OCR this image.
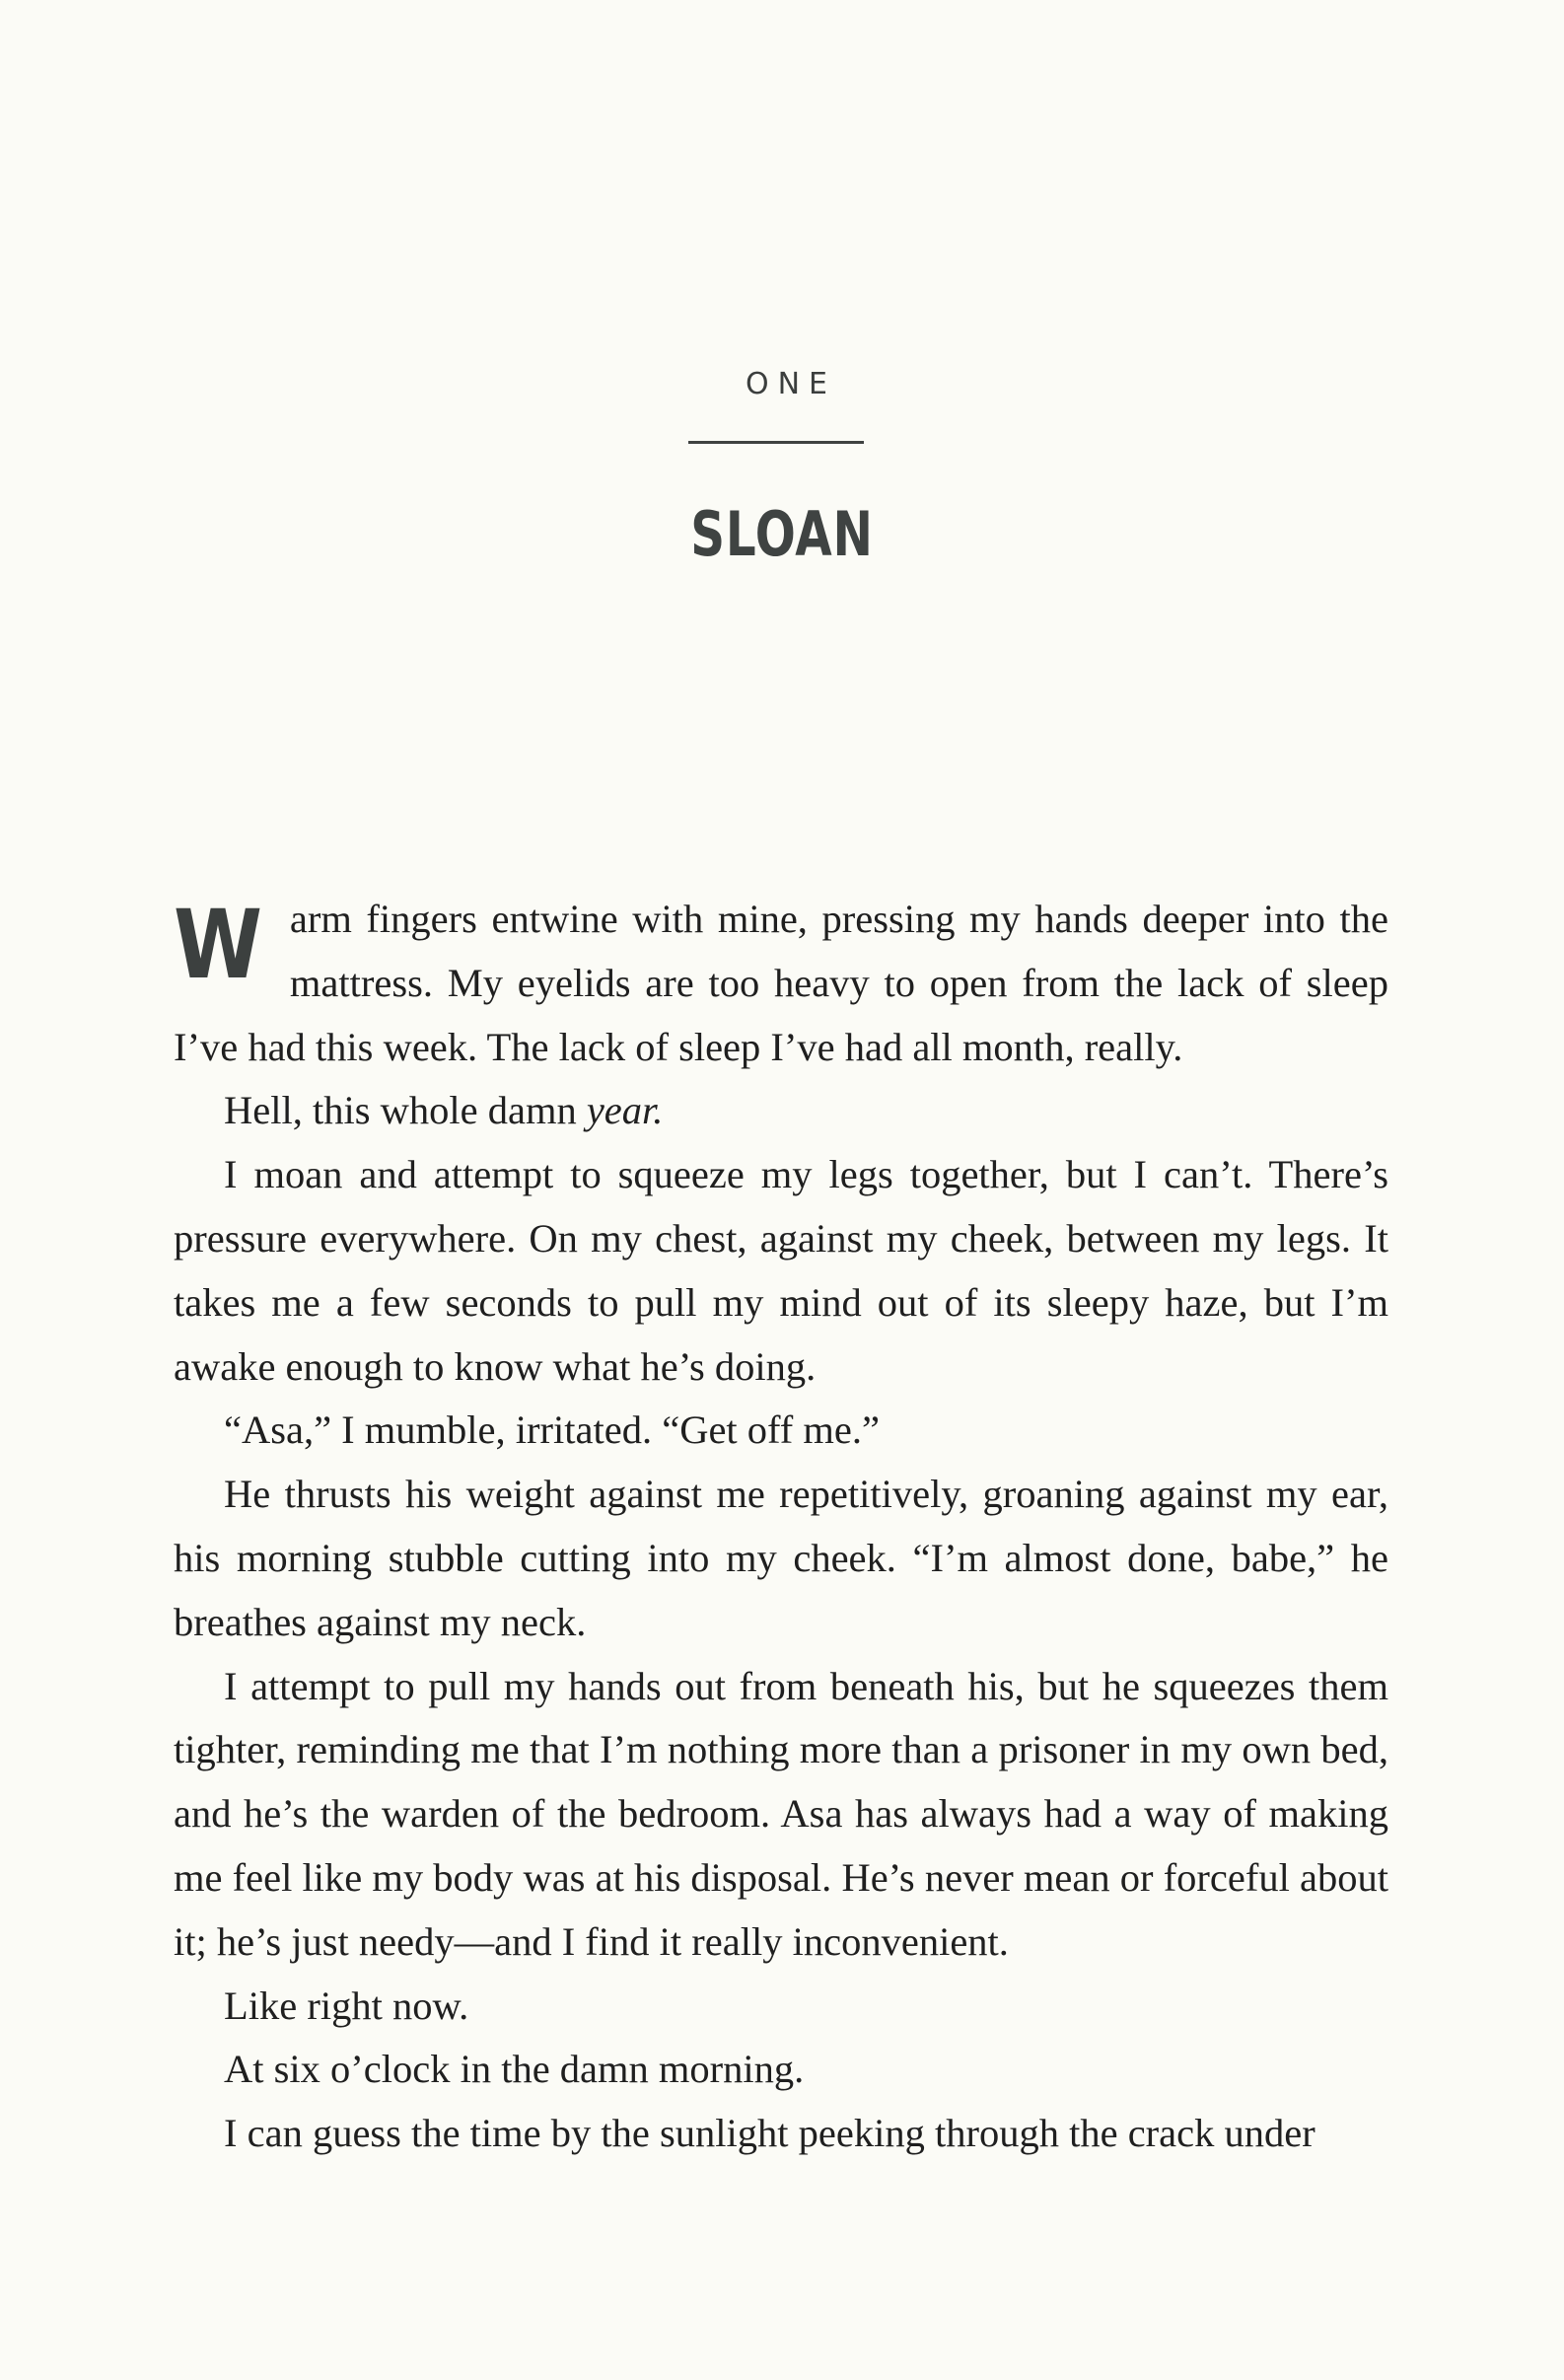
ONE
SLOAN

Warm fingers entwine with mine, pressing my hands deeper into the mattress. My eyelids are too heavy to open from the lack of sleep I’ve had this week. The lack of sleep I’ve had all month, really.

Hell, this whole damn year.

I moan and attempt to squeeze my legs together, but I can’t. There’s pressure everywhere. On my chest, against my cheek, between my legs. It takes me a few seconds to pull my mind out of its sleepy haze, but I’m awake enough to know what he’s doing.

“Asa,” I mumble, irritated. “Get off me.”

He thrusts his weight against me repetitively, groaning against my ear, his morning stubble cutting into my cheek. “I’m almost done, babe,” he breathes against my neck.

I attempt to pull my hands out from beneath his, but he squeezes them tighter, reminding me that I’m nothing more than a prisoner in my own bed, and he’s the warden of the bedroom. Asa has always had a way of making me feel like my body was at his disposal. He’s never mean or forceful about it; he’s just needy—and I find it really inconvenient.

Like right now.

At six o’clock in the damn morning.

I can guess the time by the sunlight peeking through the crack under
